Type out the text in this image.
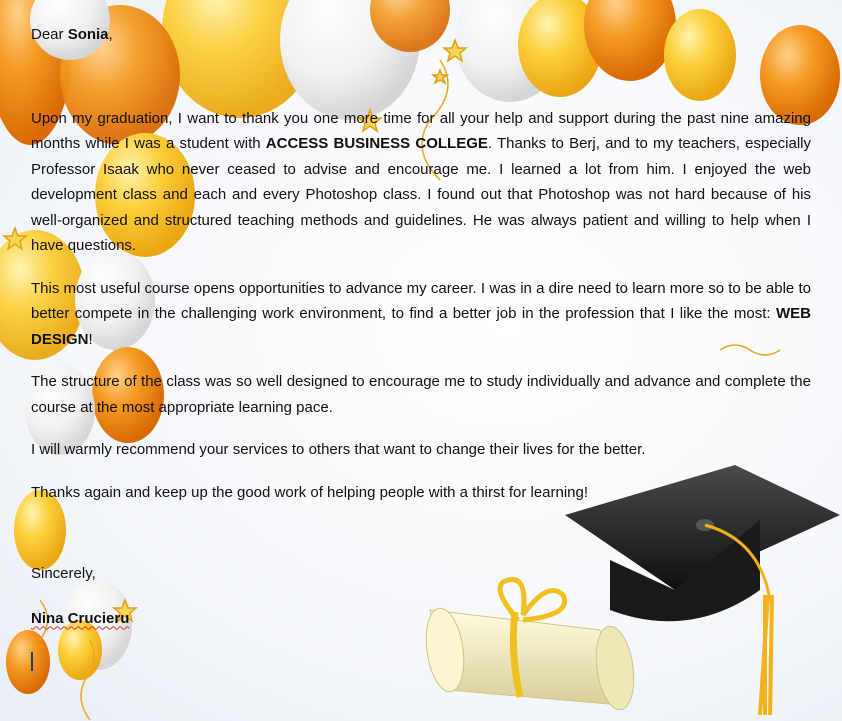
Dear Sonia,

Upon my graduation, I want to thank you one more time for all your help and support during the past nine amazing months while I was a student with ACCESS BUSINESS COLLEGE. Thanks to Berj, and to my teachers, especially Professor Isaak who never ceased to advise and encourage me. I learned a lot from him. I enjoyed the web development class and each and every Photoshop class. I found out that Photoshop was not hard because of his well-organized and structured teaching methods and guidelines. He was always patient and willing to help when I have questions.

This most useful course opens opportunities to advance my career. I was in a dire need to learn more so to be able to better compete in the challenging work environment, to find a better job in the profession that I like the most: WEB DESIGN!

The structure of the class was so well designed to encourage me to study individually and advance and complete the course at the most appropriate learning pace.

I will warmly recommend your services to others that want to change their lives for the better.

Thanks again and keep up the good work of helping people with a thirst for learning!

Sincerely,

Nina Crucieru
